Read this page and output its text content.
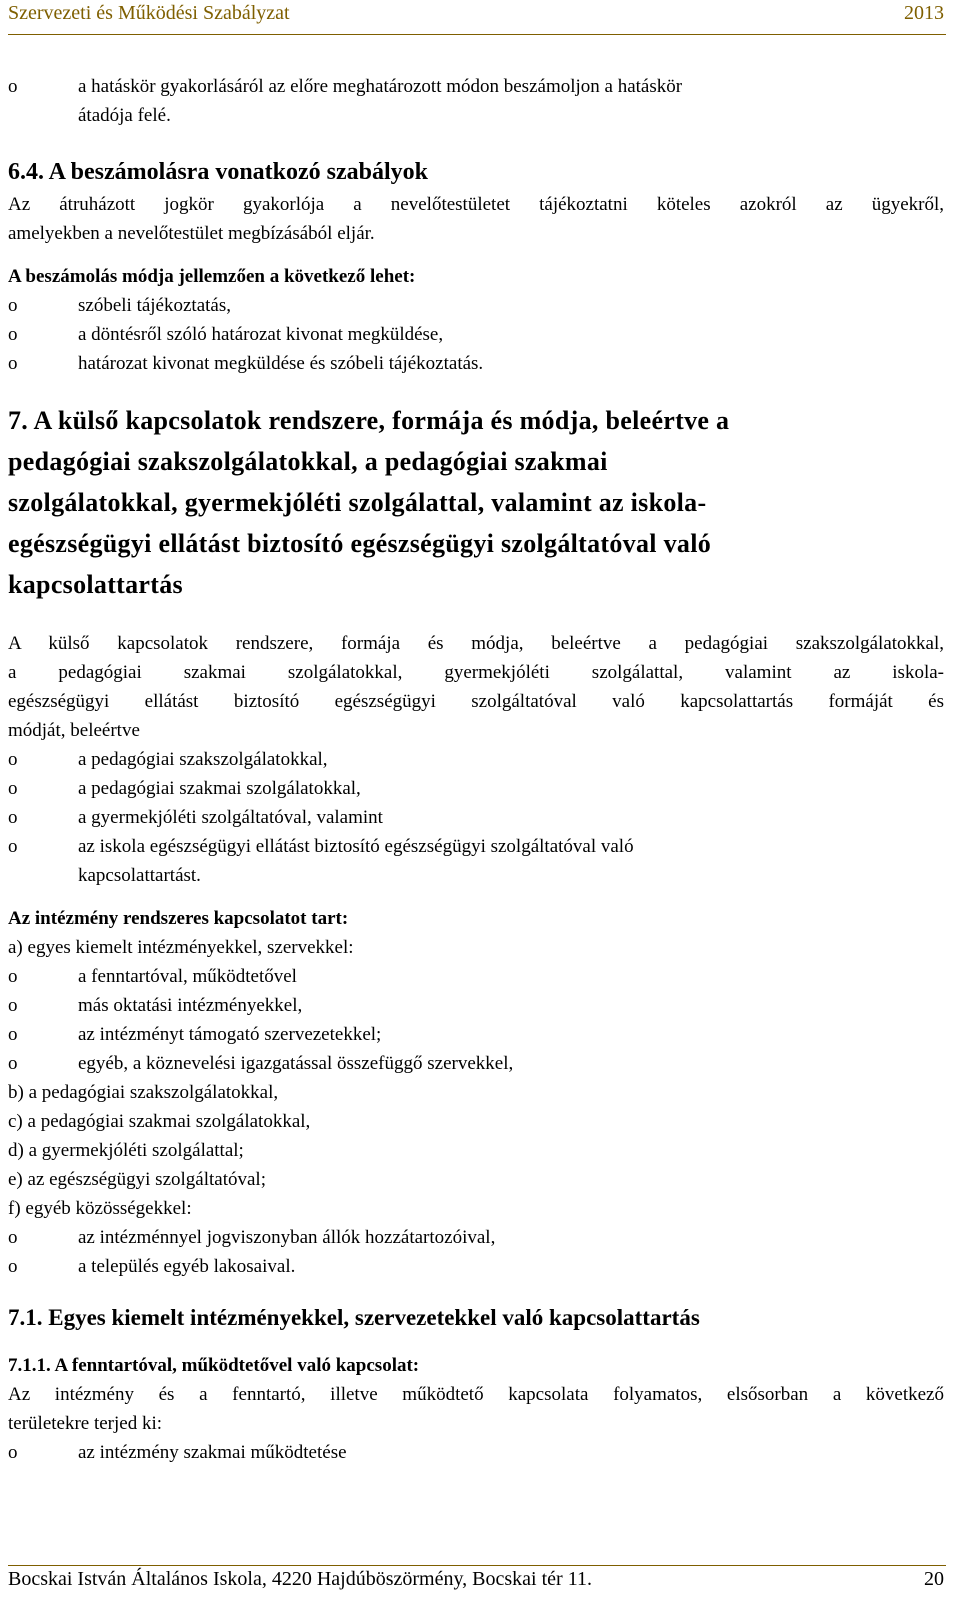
Szervezeti és Működési Szabályzat	2013
o	a hatáskör gyakorlásáról az előre meghatározott módon beszámoljon a hatáskör
átadója felé.
6.4. A beszámolásra vonatkozó szabályok
Az átruházott jogkör gyakorlója a nevelőtestületet tájékoztatni köteles azokról az ügyekről,
amelyekben a nevelőtestület megbízásából eljár.
A beszámolás módja jellemzően a következő lehet:
o	szóbeli tájékoztatás,
o	a döntésről szóló határozat kivonat megküldése,
o	határozat kivonat megküldése és szóbeli tájékoztatás.
7. A külső kapcsolatok rendszere, formája és módja, beleértve a
pedagógiai szakszolgálatokkal, a pedagógiai szakmai
szolgálatokkal, gyermekjóléti szolgálattal, valamint az iskola-
egészségügyi ellátást biztosító egészségügyi szolgáltatóval való
kapcsolattartás
A külső kapcsolatok rendszere, formája és módja, beleértve a pedagógiai szakszolgálatokkal,
a pedagógiai szakmai szolgálatokkal, gyermekjóléti szolgálattal, valamint az iskola-
egészségügyi ellátást biztosító egészségügyi szolgáltatóval való kapcsolattartás formáját és
módját, beleértve
o	a pedagógiai szakszolgálatokkal,
o	a pedagógiai szakmai szolgálatokkal,
o	a gyermekjóléti szolgáltatóval, valamint
o	az iskola egészségügyi ellátást biztosító egészségügyi szolgáltatóval való
kapcsolattartást.
Az intézmény rendszeres kapcsolatot tart:
a) egyes kiemelt intézményekkel, szervekkel:
o	a fenntartóval, működtetővel
o	más oktatási intézményekkel,
o	az intézményt támogató szervezetekkel;
o	egyéb, a köznevelési igazgatással összefüggő szervekkel,
b) a pedagógiai szakszolgálatokkal,
c) a pedagógiai szakmai szolgálatokkal,
d) a gyermekjóléti szolgálattal;
e) az egészségügyi szolgáltatóval;
f) egyéb közösségekkel:
o	az intézménnyel jogviszonyban állók hozzátartozóival,
o	a település egyéb lakosaival.
7.1. Egyes kiemelt intézményekkel, szervezetekkel való kapcsolattartás
7.1.1. A fenntartóval, működtetővel való kapcsolat:
Az intézmény és a fenntartó, illetve működtető kapcsolata folyamatos, elsősorban a következő
területekre terjed ki:
o	az intézmény szakmai működtetése
Bocskai István Általános Iskola, 4220 Hajdúböszörmény, Bocskai tér 11.	20
